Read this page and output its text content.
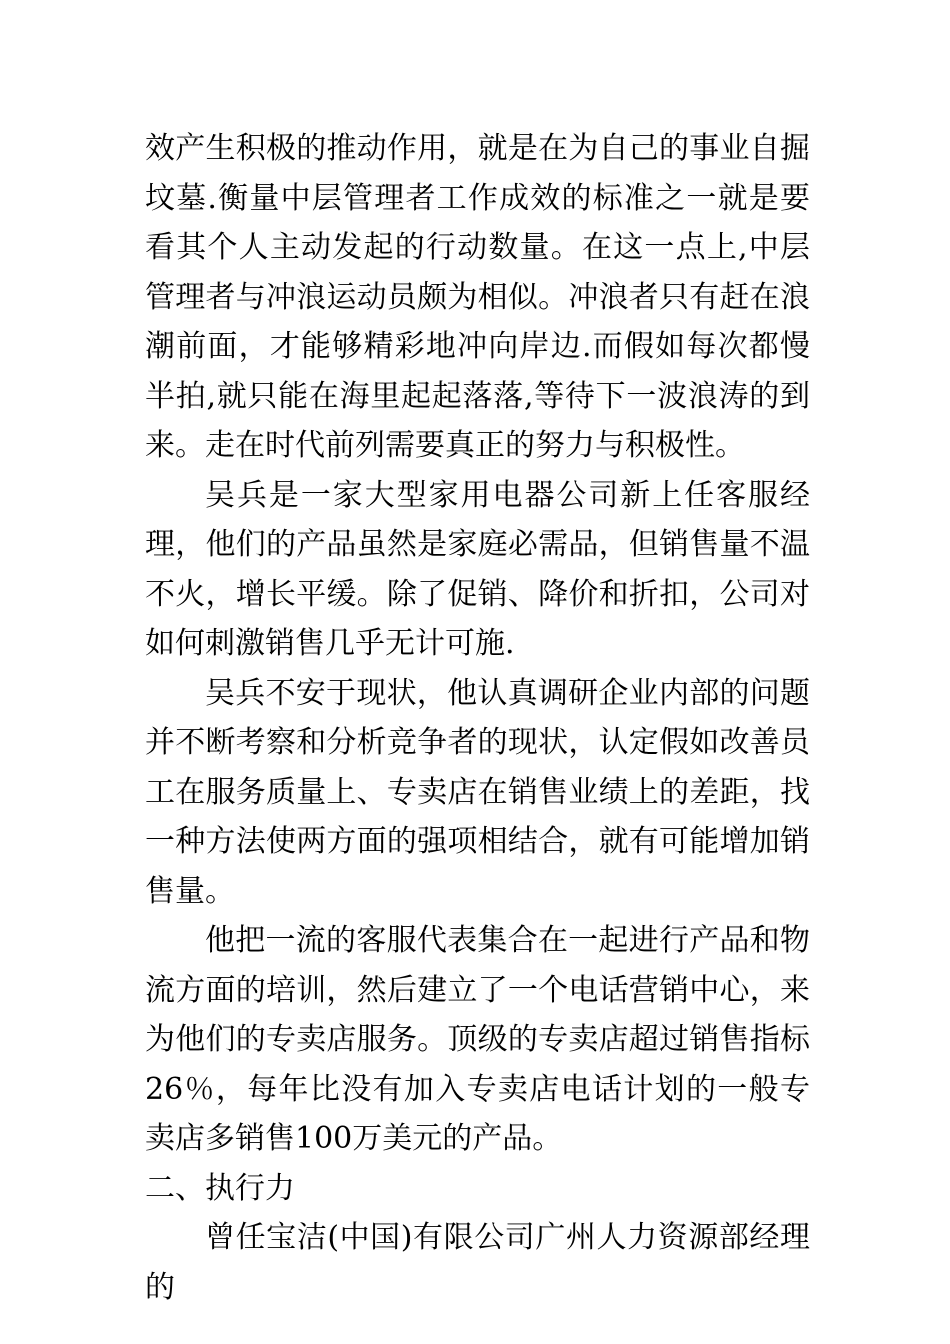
效产生积极的推动作用，就是在为自己的事业自掘坟墓.衡量中层管理者工作成效的标准之一就是要看其个人主动发起的行动数量。在这一点上,中层管理者与冲浪运动员颇为相似。冲浪者只有赶在浪潮前面，才能够精彩地冲向岸边.而假如每次都慢半拍,就只能在海里起起落落,等待下一波浪涛的到来。走在时代前列需要真正的努力与积极性。

吴兵是一家大型家用电器公司新上任客服经理，他们的产品虽然是家庭必需品，但销售量不温不火，增长平缓。除了促销、降价和折扣，公司对如何刺激销售几乎无计可施.

吴兵不安于现状，他认真调研企业内部的问题并不断考察和分析竞争者的现状，认定假如改善员工在服务质量上、专卖店在销售业绩上的差距，找一种方法使两方面的强项相结合，就有可能增加销售量。

他把一流的客服代表集合在一起进行产品和物流方面的培训，然后建立了一个电话营销中心，来为他们的专卖店服务。顶级的专卖店超过销售指标26％，每年比没有加入专卖店电话计划的一般专卖店多销售100万美元的产品。

二、执行力

曾任宝洁(中国)有限公司广州人力资源部经理的
